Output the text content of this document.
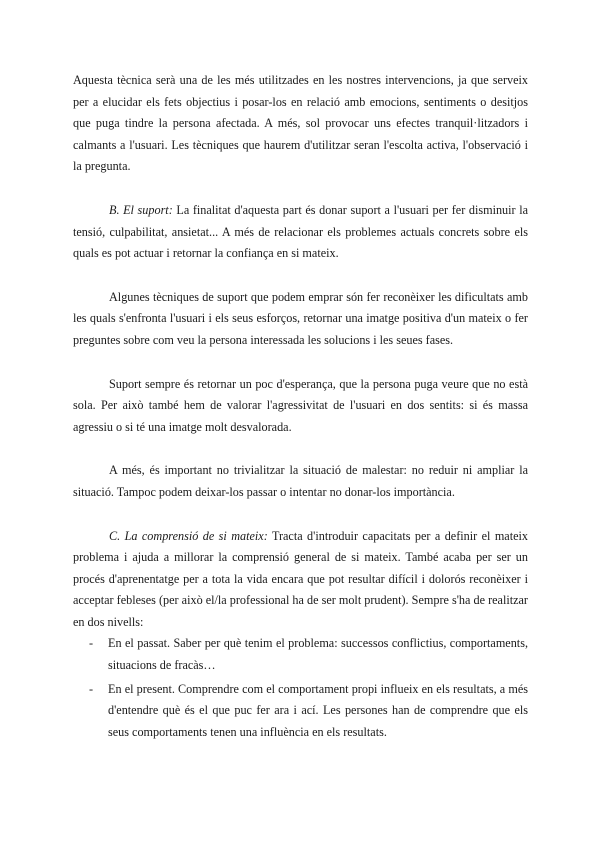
Aquesta tècnica serà una de les més utilitzades en les nostres intervencions, ja que serveix per a elucidar els fets objectius i posar-los en relació amb emocions, sentiments o desitjos que puga tindre la persona afectada. A més, sol provocar uns efectes tranquil·litzadors i calmants a l'usuari. Les tècniques que haurem d'utilitzar seran l'escolta activa, l'observació i la pregunta.

B. El suport: La finalitat d'aquesta part és donar suport a l'usuari per fer disminuir la tensió, culpabilitat, ansietat... A més de relacionar els problemes actuals concrets sobre els quals es pot actuar i retornar la confiança en si mateix.

Algunes tècniques de suport que podem emprar són fer reconèixer les dificultats amb les quals s'enfronta l'usuari i els seus esforços, retornar una imatge positiva d'un mateix o fer preguntes sobre com veu la persona interessada les solucions i les seues fases.

Suport sempre és retornar un poc d'esperança, que la persona puga veure que no està sola. Per això també hem de valorar l'agressivitat de l'usuari en dos sentits: si és massa agressiu o si té una imatge molt desvalorada.

A més, és important no trivialitzar la situació de malestar: no reduir ni ampliar la situació. Tampoc podem deixar-los passar o intentar no donar-los importància.

C. La comprensió de si mateix: Tracta d'introduir capacitats per a definir el mateix problema i ajuda a millorar la comprensió general de si mateix. També acaba per ser un procés d'aprenentatge per a tota la vida encara que pot resultar difícil i dolorós reconèixer i acceptar febleses (per això el/la professional ha de ser molt prudent). Sempre s'ha de realitzar en dos nivells:

- En el passat. Saber per què tenim el problema: successos conflictius, comportaments, situacions de fracàs…
- En el present. Comprendre com el comportament propi influeix en els resultats, a més d'entendre què és el que puc fer ara i ací. Les persones han de comprendre que els seus comportaments tenen una influència en els resultats.
